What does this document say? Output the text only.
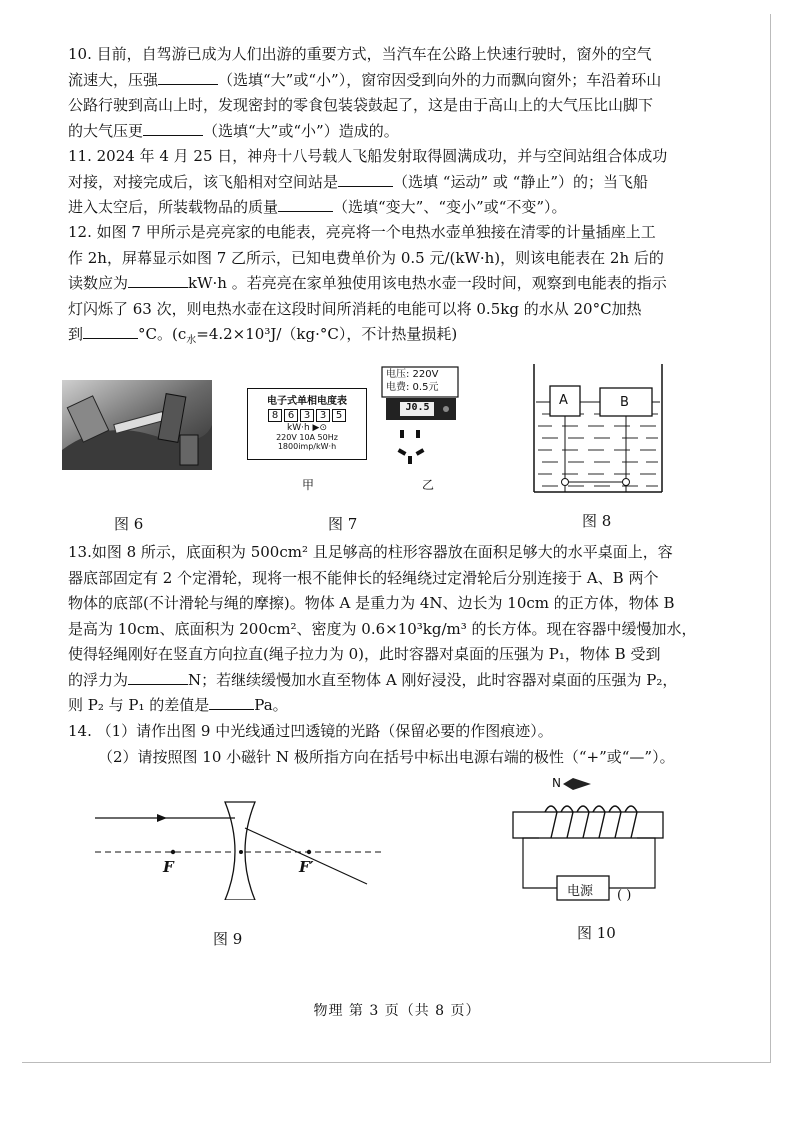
10. 目前，自驾游已成为人们出游的重要方式，当汽车在公路上快速行驶时，窗外的空气

流速大，压强	（选填“大”或“小”），窗帘因受到向外的力而飘向窗外；车沿着环山

公路行驶到高山上时，发现密封的零食包装袋鼓起了，这是由于高山上的大气压比山脚下

的大气压更	（选填“大”或“小”）造成的。

11. 2024 年 4 月 25 日，神舟十八号载人飞船发射取得圆满成功，并与空间站组合体成功

对接，对接完成后，该飞船相对空间站是	（选填 “运动” 或 “静止”）的；当飞船

进入太空后，所装载物品的质量	（选填“变大”、“变小”或“不变”）。

12. 如图 7 甲所示是亮亮家的电能表，亮亮将一个电热水壶单独接在清零的计量插座上工

作 2h，屏幕显示如图 7 乙所示，已知电费单价为 0.5 元/(kW·h)，则该电能表在 2h 后的

读数应为	kW·h 。若亮亮在家单独使用该电热水壶一段时间，观察到电能表的指示

灯闪烁了 63 次，则电热水壶在这段时间所消耗的电能可以将 0.5kg 的水从 20°C加热

到	°C。($c_水=4.2\times 10^3J/(kg\cdot^\circ C)$，不计热量损耗)

图 6
电子式单相电度表
8 6 3 3 5
kW·h ▶⊙
220V 10A 50Hz
1800imp/kW·h
甲
电压: 220V
电费: 0.5元
J0.5
乙
图 7
A	B
图 8

13.如图 8 所示，底面积为 500cm² 且足够高的柱形容器放在面积足够大的水平桌面上，容

器底部固定有 2 个定滑轮，现将一根不能伸长的轻绳绕过定滑轮后分别连接于 A、B 两个

物体的底部(不计滑轮与绳的摩擦)。物体 A 是重力为 4N、边长为 10cm 的正方体，物体 B

是高为 10cm、底面积为 200cm²、密度为 0.6×10³kg/m³ 的长方体。现在容器中缓慢加水，

使得轻绳刚好在竖直方向拉直(绳子拉力为 0)，此时容器对桌面的压强为 P₁，物体 B 受到

的浮力为	N；若继续缓慢加水直至物体 A 刚好浸没，此时容器对桌面的压强为 P₂，

则 P₂ 与 P₁ 的差值是	Pa。

14. （1）请作出图 9 中光线通过凹透镜的光路（保留必要的作图痕迹）。

（2）请按照图 10 小磁针 N 极所指方向在括号中标出电源右端的极性（“+”或“—”）。

F	F′
图 9
N
电源 ( )
图 10
物理 第 3 页（共 8 页）
